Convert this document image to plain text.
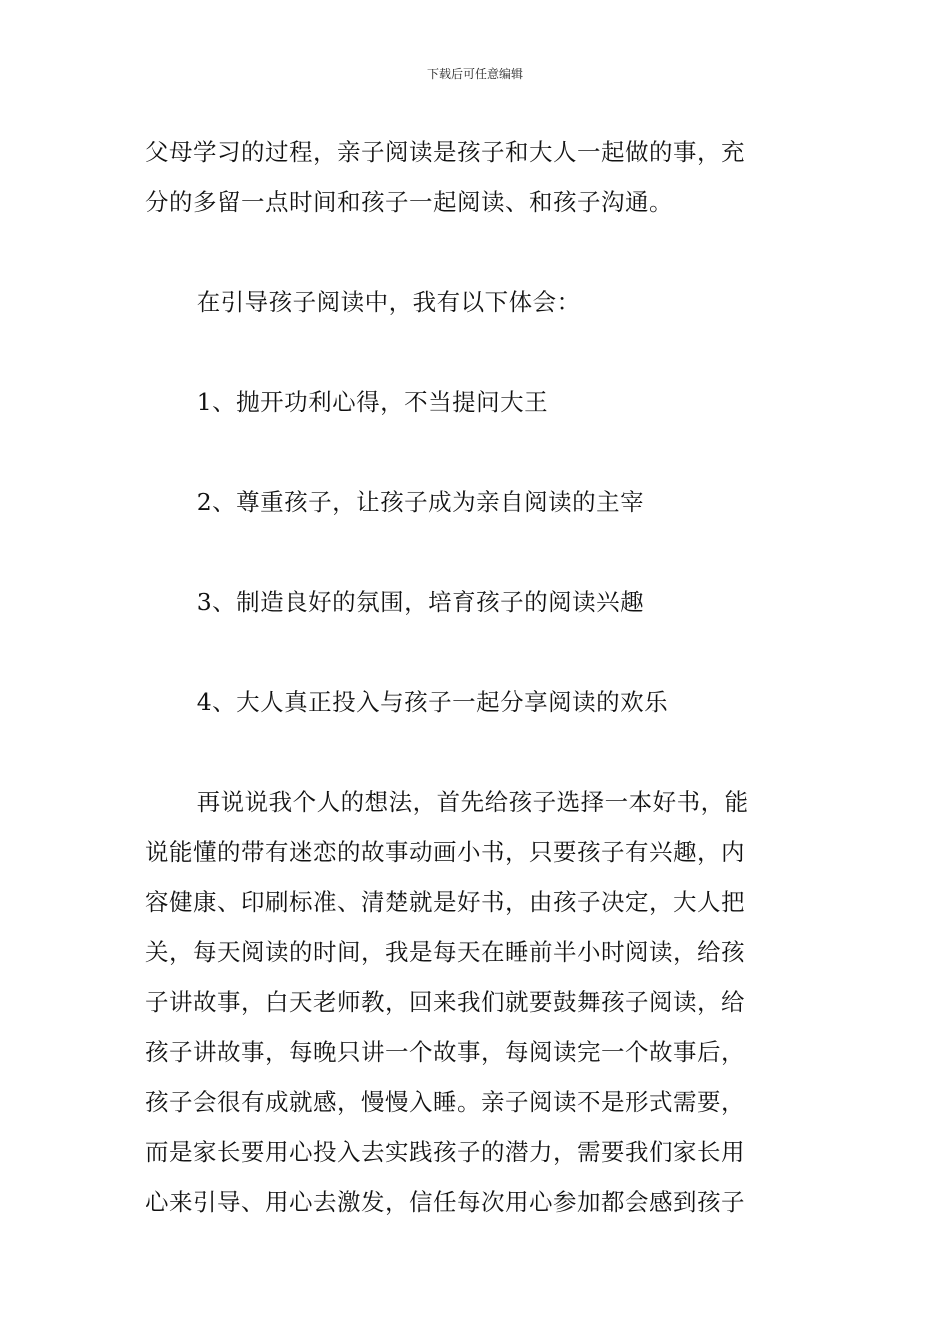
下载后可任意编辑
父母学习的过程，亲子阅读是孩子和大人一起做的事，充
分的多留一点时间和孩子一起阅读、和孩子沟通。
在引导孩子阅读中，我有以下体会：
1、抛开功利心得，不当提问大王
2、尊重孩子，让孩子成为亲自阅读的主宰
3、制造良好的氛围，培育孩子的阅读兴趣
4、大人真正投入与孩子一起分享阅读的欢乐
再说说我个人的想法，首先给孩子选择一本好书，能
说能懂的带有迷恋的故事动画小书，只要孩子有兴趣，内
容健康、印刷标准、清楚就是好书，由孩子决定，大人把
关，每天阅读的时间，我是每天在睡前半小时阅读，给孩
子讲故事，白天老师教，回来我们就要鼓舞孩子阅读，给
孩子讲故事，每晚只讲一个故事，每阅读完一个故事后，
孩子会很有成就感，慢慢入睡。亲子阅读不是形式需要，
而是家长要用心投入去实践孩子的潜力，需要我们家长用
心来引导、用心去激发，信任每次用心参加都会感到孩子
